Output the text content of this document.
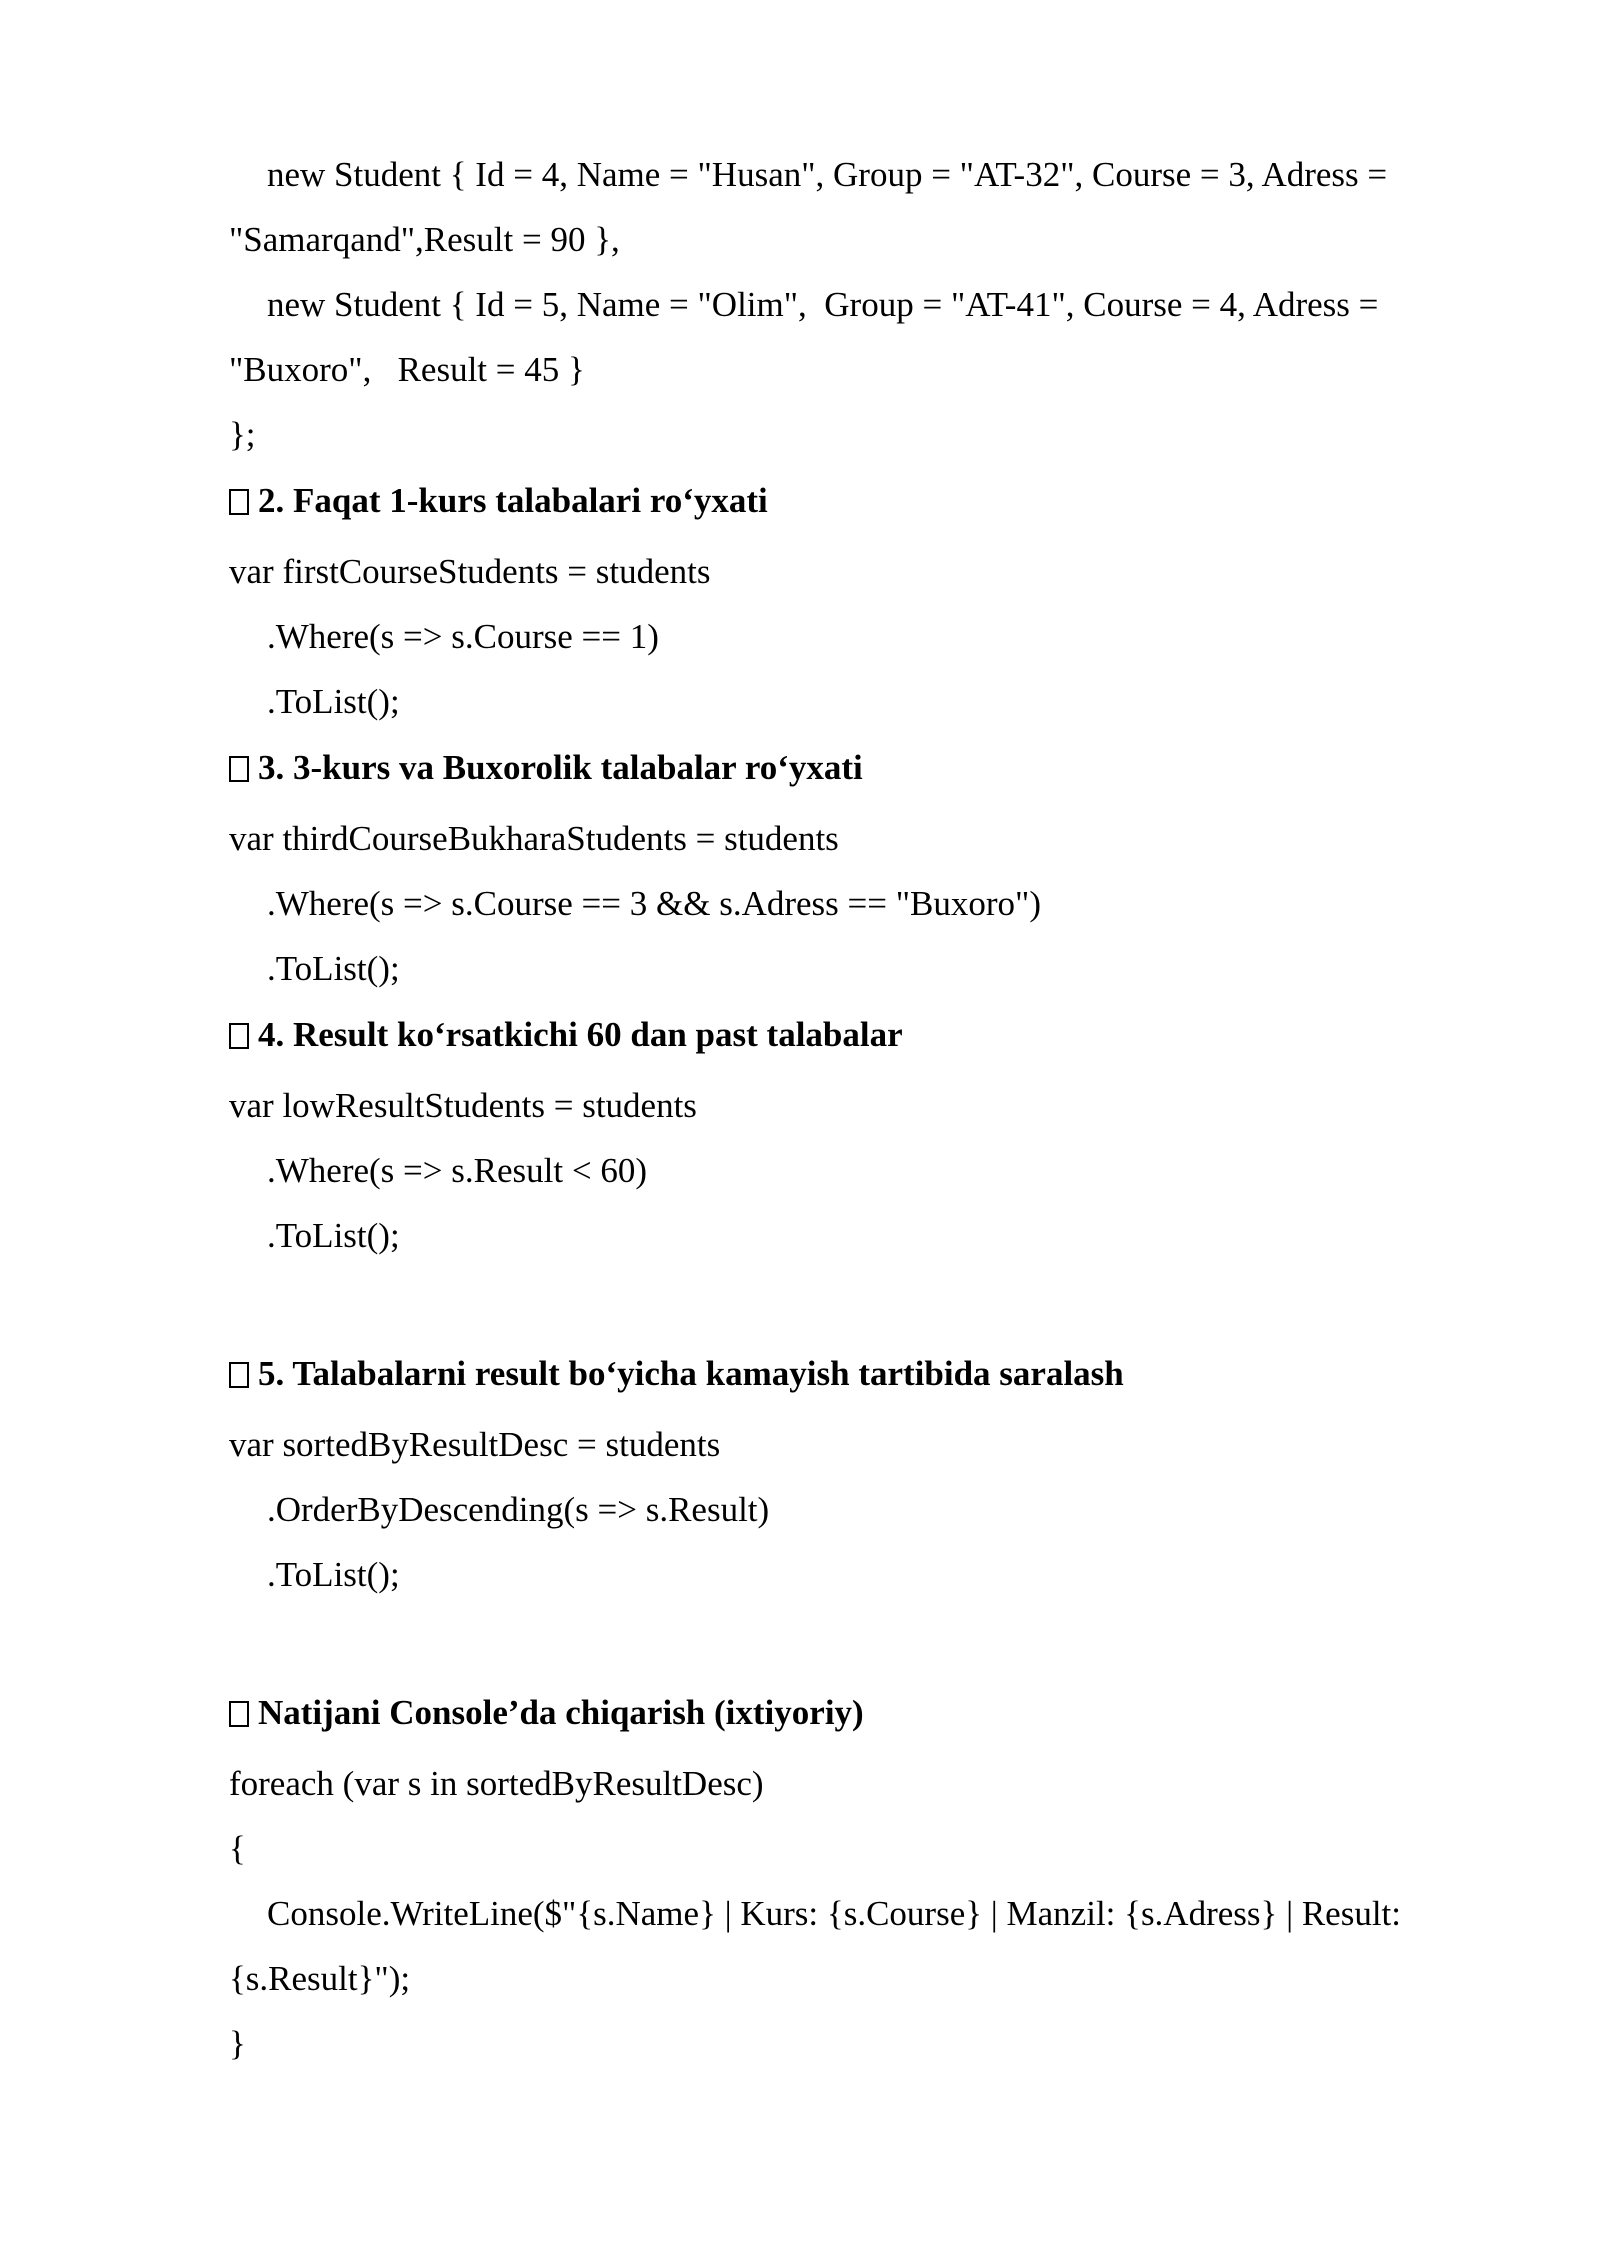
new Student { Id = 4, Name = "Husan", Group = "AT-32", Course = 3, Adress =
"Samarqand",Result = 90 },
new Student { Id = 5, Name = "Olim",  Group = "AT-41", Course = 4, Adress =
"Buxoro",   Result = 45 }
};
2. Faqat 1-kurs talabalari ro‘yxati
var firstCourseStudents = students
.Where(s => s.Course == 1)
.ToList();
3. 3-kurs va Buxorolik talabalar ro‘yxati
var thirdCourseBukharaStudents = students
.Where(s => s.Course == 3 && s.Adress == "Buxoro")
.ToList();
4. Result ko‘rsatkichi 60 dan past talabalar
var lowResultStudents = students
.Where(s => s.Result < 60)
.ToList();
5. Talabalarni result bo‘yicha kamayish tartibida saralash
var sortedByResultDesc = students
.OrderByDescending(s => s.Result)
.ToList();
Natijani Console’da chiqarish (ixtiyoriy)
foreach (var s in sortedByResultDesc)
{
Console.WriteLine($"{s.Name} | Kurs: {s.Course} | Manzil: {s.Adress} | Result:
{s.Result}");
}
